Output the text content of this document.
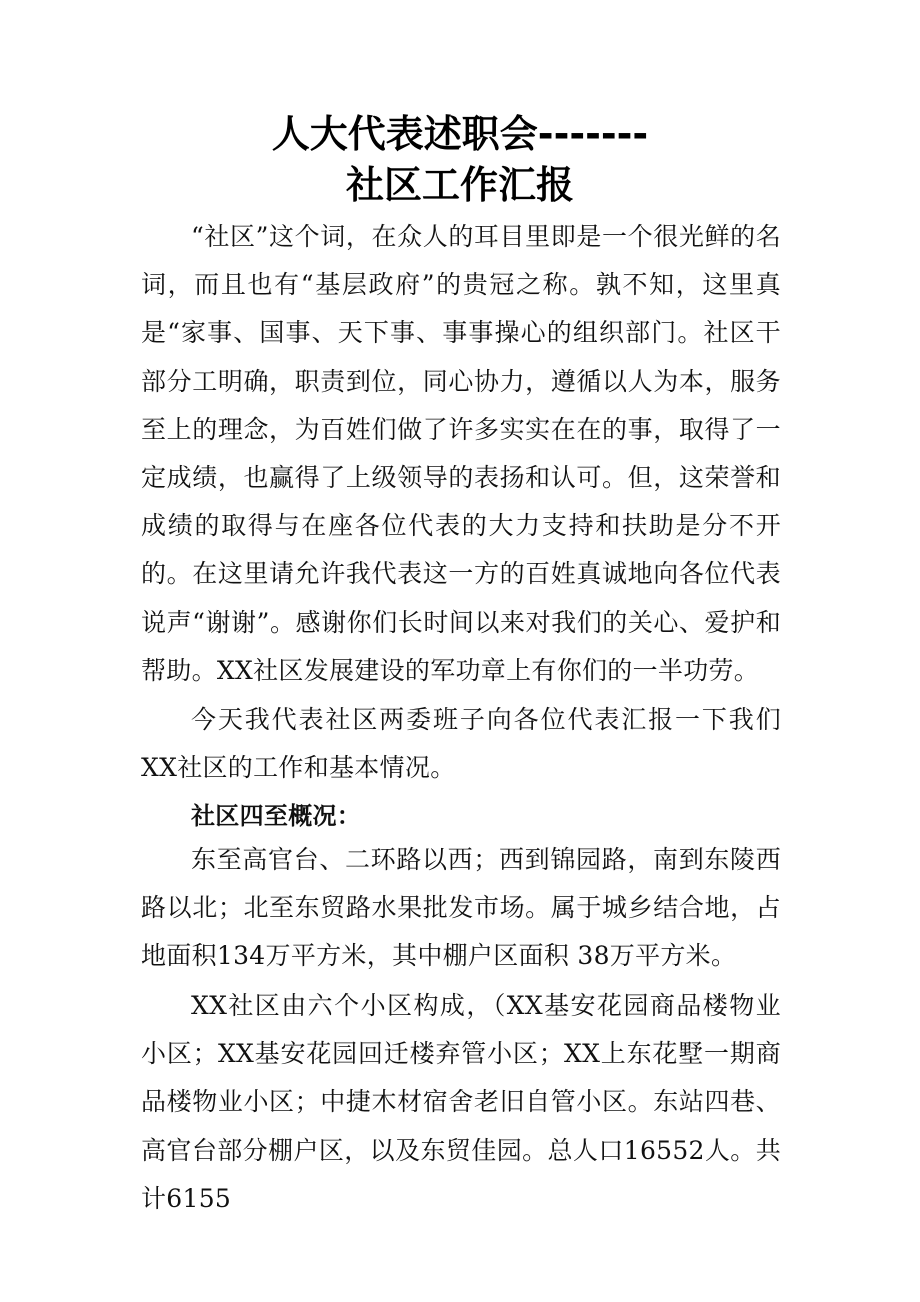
人大代表述职会-------
社区工作汇报

“社区”这个词，在众人的耳目里即是一个很光鲜的名词，而且也有“基层政府”的贵冠之称。孰不知，这里真是“家事、国事、天下事、事事操心的组织部门。社区干部分工明确，职责到位，同心协力，遵循以人为本，服务至上的理念，为百姓们做了许多实实在在的事，取得了一定成绩，也赢得了上级领导的表扬和认可。但，这荣誉和成绩的取得与在座各位代表的大力支持和扶助是分不开的。在这里请允许我代表这一方的百姓真诚地向各位代表说声“谢谢”。感谢你们长时间以来对我们的关心、爱护和帮助。XX社区发展建设的军功章上有你们的一半功劳。

今天我代表社区两委班子向各位代表汇报一下我们XX社区的工作和基本情况。

社区四至概况：

东至高官台、二环路以西；西到锦园路，南到东陵西路以北；北至东贸路水果批发市场。属于城乡结合地，占地面积134万平方米，其中棚户区面积 38万平方米。

XX社区由六个小区构成，（XX基安花园商品楼物业小区；XX基安花园回迁楼弃管小区；XX上东花墅一期商品楼物业小区；中捷木材宿舍老旧自管小区。东站四巷、高官台部分棚户区，以及东贸佳园。总人口16552人。共计6155
